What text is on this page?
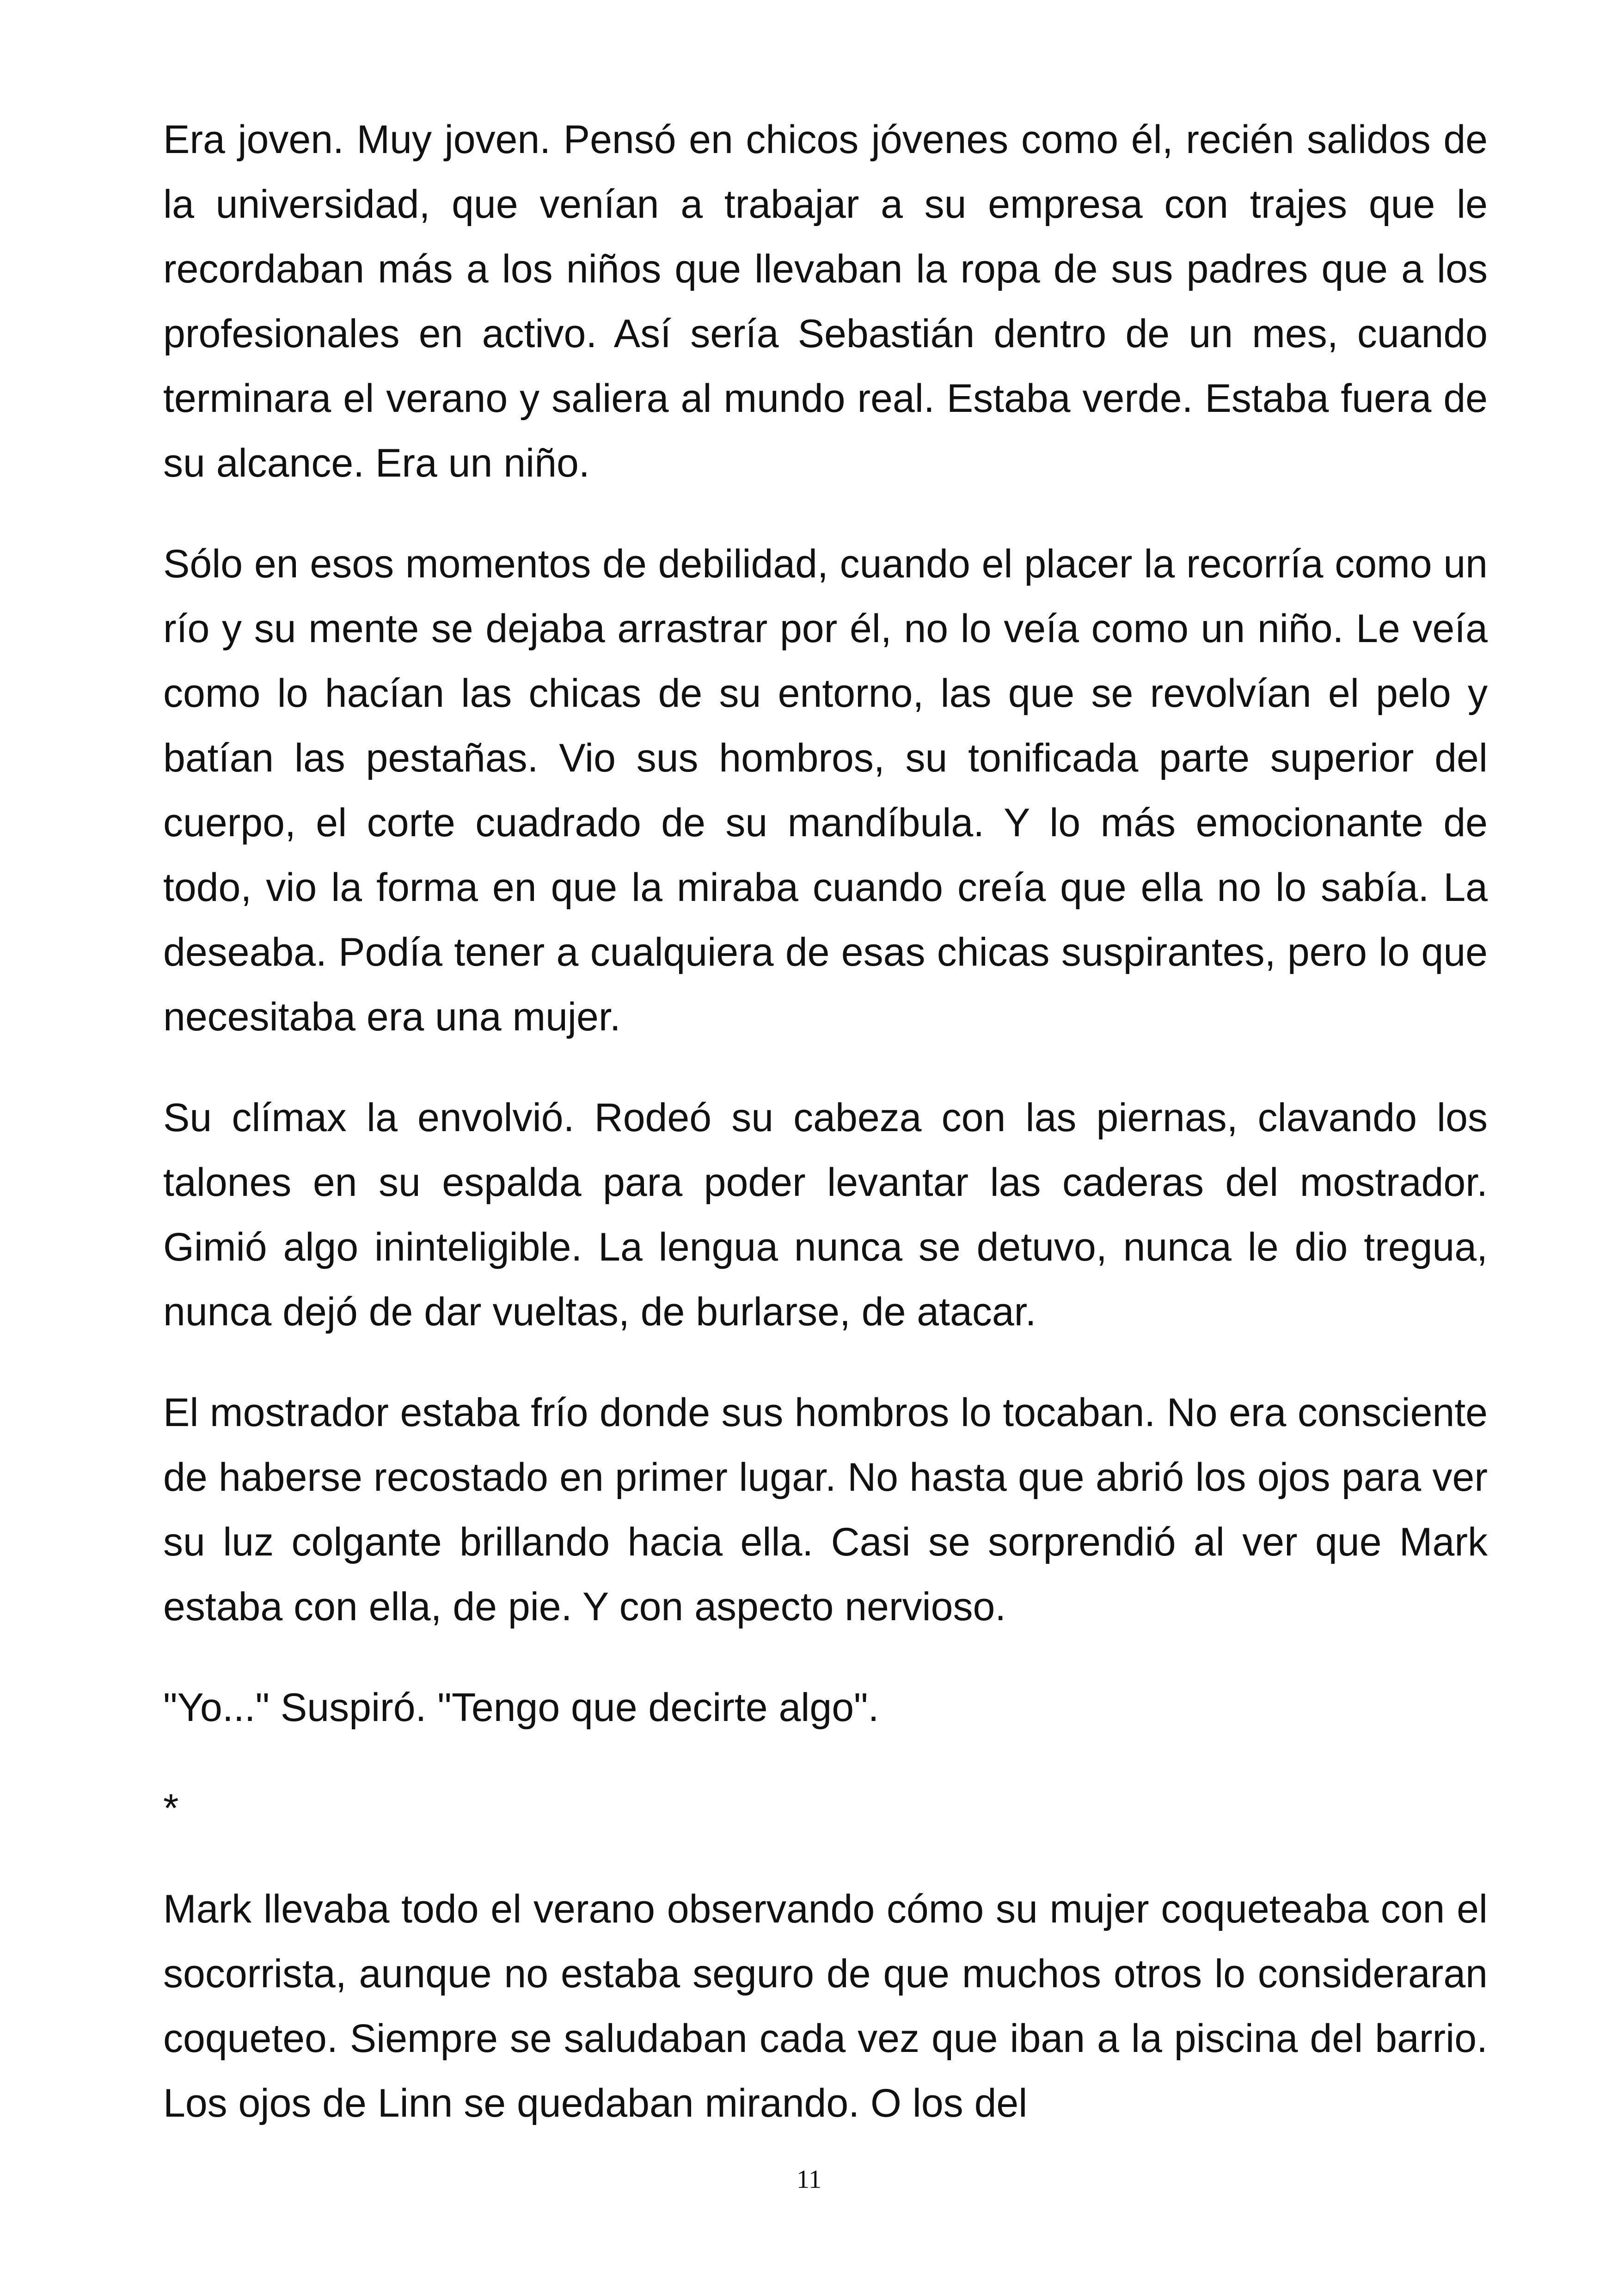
Era joven. Muy joven. Pensó en chicos jóvenes como él, recién salidos de la universidad, que venían a trabajar a su empresa con trajes que le recordaban más a los niños que llevaban la ropa de sus padres que a los profesionales en activo. Así sería Sebastián dentro de un mes, cuando terminara el verano y saliera al mundo real. Estaba verde. Estaba fuera de su alcance. Era un niño.

Sólo en esos momentos de debilidad, cuando el placer la recorría como un río y su mente se dejaba arrastrar por él, no lo veía como un niño. Le veía como lo hacían las chicas de su entorno, las que se revolvían el pelo y batían las pestañas. Vio sus hombros, su tonificada parte superior del cuerpo, el corte cuadrado de su mandíbula. Y lo más emocionante de todo, vio la forma en que la miraba cuando creía que ella no lo sabía. La deseaba. Podía tener a cualquiera de esas chicas suspirantes, pero lo que necesitaba era una mujer.

Su clímax la envolvió. Rodeó su cabeza con las piernas, clavando los talones en su espalda para poder levantar las caderas del mostrador. Gimió algo ininteligible. La lengua nunca se detuvo, nunca le dio tregua, nunca dejó de dar vueltas, de burlarse, de atacar.

El mostrador estaba frío donde sus hombros lo tocaban. No era consciente de haberse recostado en primer lugar. No hasta que abrió los ojos para ver su luz colgante brillando hacia ella. Casi se sorprendió al ver que Mark estaba con ella, de pie. Y con aspecto nervioso.

"Yo..." Suspiró. "Tengo que decirte algo".

*

Mark llevaba todo el verano observando cómo su mujer coqueteaba con el socorrista, aunque no estaba seguro de que muchos otros lo consideraran coqueteo. Siempre se saludaban cada vez que iban a la piscina del barrio. Los ojos de Linn se quedaban mirando. O los del

11
